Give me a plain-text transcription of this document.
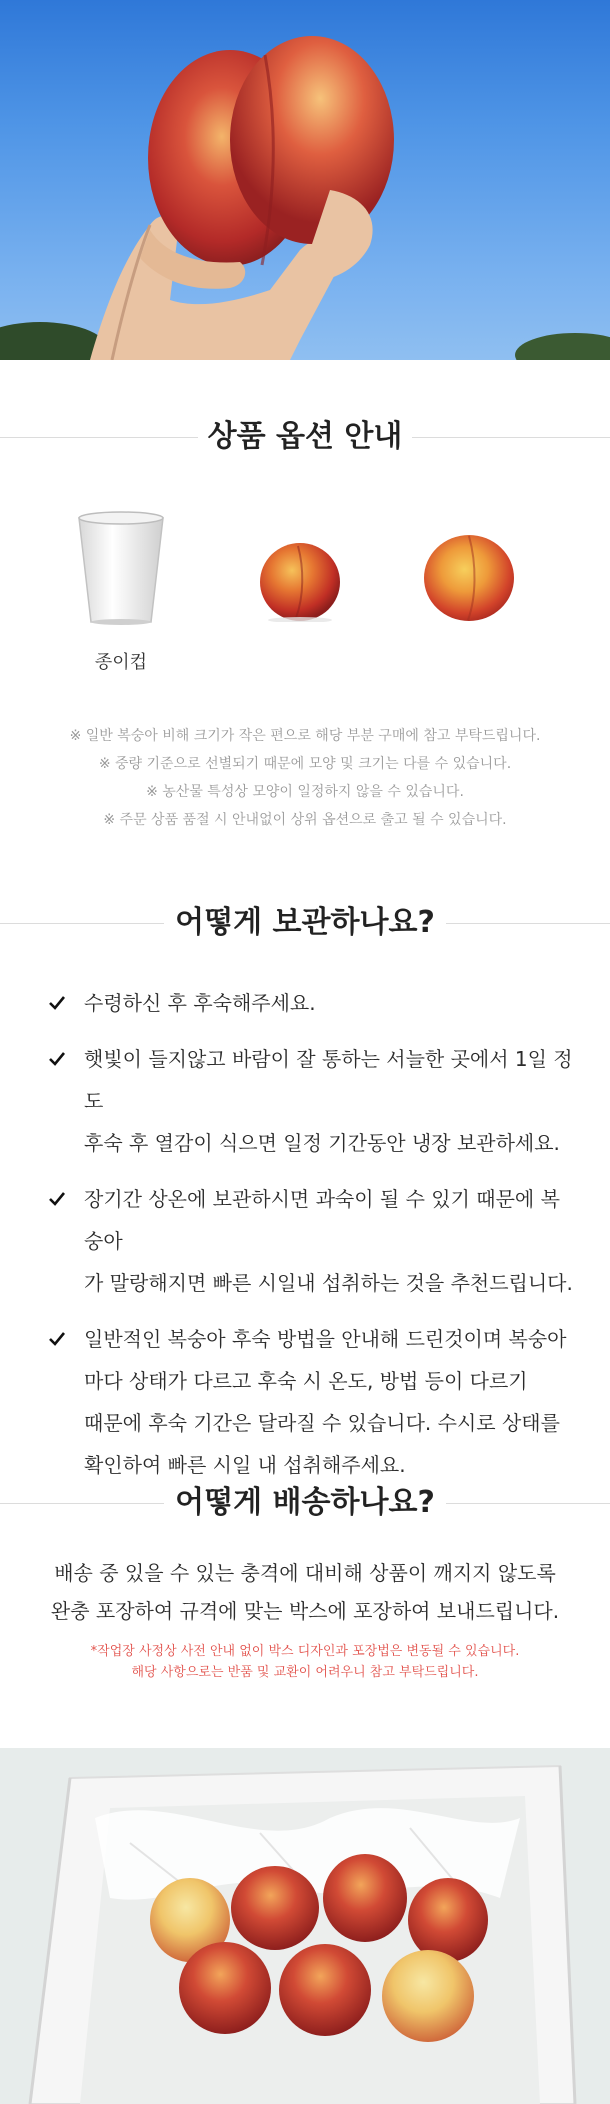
상품 옵션 안내
종이컵
※ 일반 복숭아 비해 크기가 작은 편으로 해당 부분 구매에 참고 부탁드립니다.
※ 중량 기준으로 선별되기 때문에 모양 및 크기는 다를 수 있습니다.
※ 농산물 특성상 모양이 일정하지 않을 수 있습니다.
※ 주문 상품 품절 시 안내없이 상위 옵션으로 출고 될 수 있습니다.
어떻게 보관하나요?
수령하신 후 후숙해주세요.
햇빛이 들지않고 바람이 잘 통하는 서늘한 곳에서 1일 정도
후숙 후 열감이 식으면 일정 기간동안 냉장 보관하세요.
장기간 상온에 보관하시면 과숙이 될 수 있기 때문에 복숭아
가 말랑해지면 빠른 시일내 섭취하는 것을 추천드립니다.
일반적인 복숭아 후숙 방법을 안내해 드린것이며 복숭아
마다 상태가 다르고 후숙 시 온도, 방법 등이 다르기
때문에 후숙 기간은 달라질 수 있습니다. 수시로 상태를
확인하여 빠른 시일 내 섭취해주세요.
어떻게 배송하나요?
배송 중 있을 수 있는 충격에 대비해 상품이 깨지지 않도록
완충 포장하여 규격에 맞는 박스에 포장하여 보내드립니다.
*작업장 사정상 사전 안내 없이 박스 디자인과 포장법은 변동될 수 있습니다.
해당 사항으로는 반품 및 교환이 어려우니 참고 부탁드립니다.
